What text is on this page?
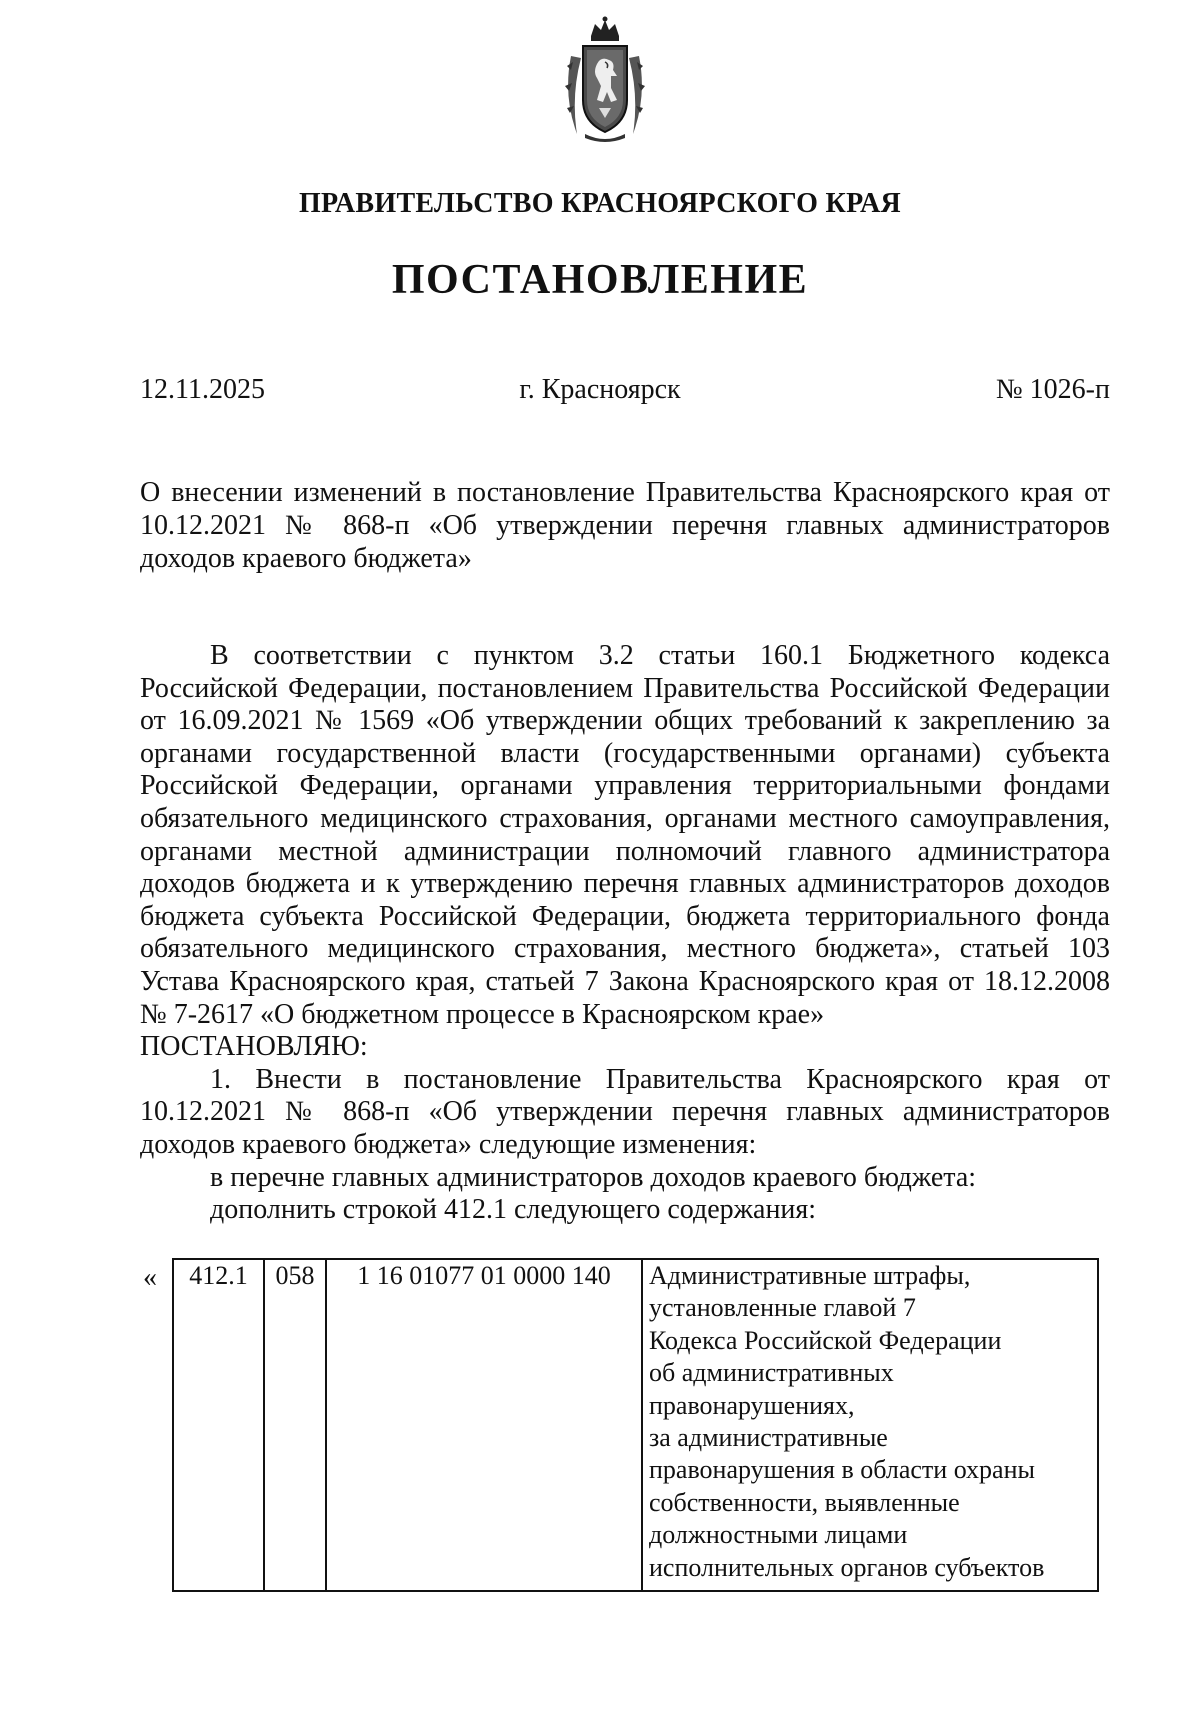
ПРАВИТЕЛЬСТВО КРАСНОЯРСКОГО КРАЯ
ПОСТАНОВЛЕНИЕ
12.11.2025	г. Красноярск	№ 1026-п
О внесении изменений в постановление Правительства Красноярского края от 10.12.2021 № 868-п «Об утверждении перечня главных администраторов доходов краевого бюджета»

В соответствии с пунктом 3.2 статьи 160.1 Бюджетного кодекса Российской Федерации, постановлением Правительства Российской Федерации от 16.09.2021 № 1569 «Об утверждении общих требований к закреплению за органами государственной власти (государственными органами) субъекта Российской Федерации, органами управления территориальными фондами обязательного медицинского страхования, органами местного самоуправления, органами местной администрации полномочий главного администратора доходов бюджета и к утверждению перечня главных администраторов доходов бюджета субъекта Российской Федерации, бюджета территориального фонда обязательного медицинского страхования, местного бюджета», статьей 103 Устава Красноярского края, статьей 7 Закона Красноярского края от 18.12.2008 № 7-2617 «О бюджетном процессе в Красноярском крае»

ПОСТАНОВЛЯЮ:

1. Внести в постановление Правительства Красноярского края от 10.12.2021 № 868-п «Об утверждении перечня главных администраторов доходов краевого бюджета» следующие изменения:

в перечне главных администраторов доходов краевого бюджета:

дополнить строкой 412.1 следующего содержания:

« 412.1	058	1 16 01077 01 0000 140	Административные штрафы,
установленные главой 7
Кодекса Российской Федерации
об административных
правонарушениях,
за административные
правонарушения в области охраны
собственности, выявленные
должностными лицами
исполнительных органов субъектов
